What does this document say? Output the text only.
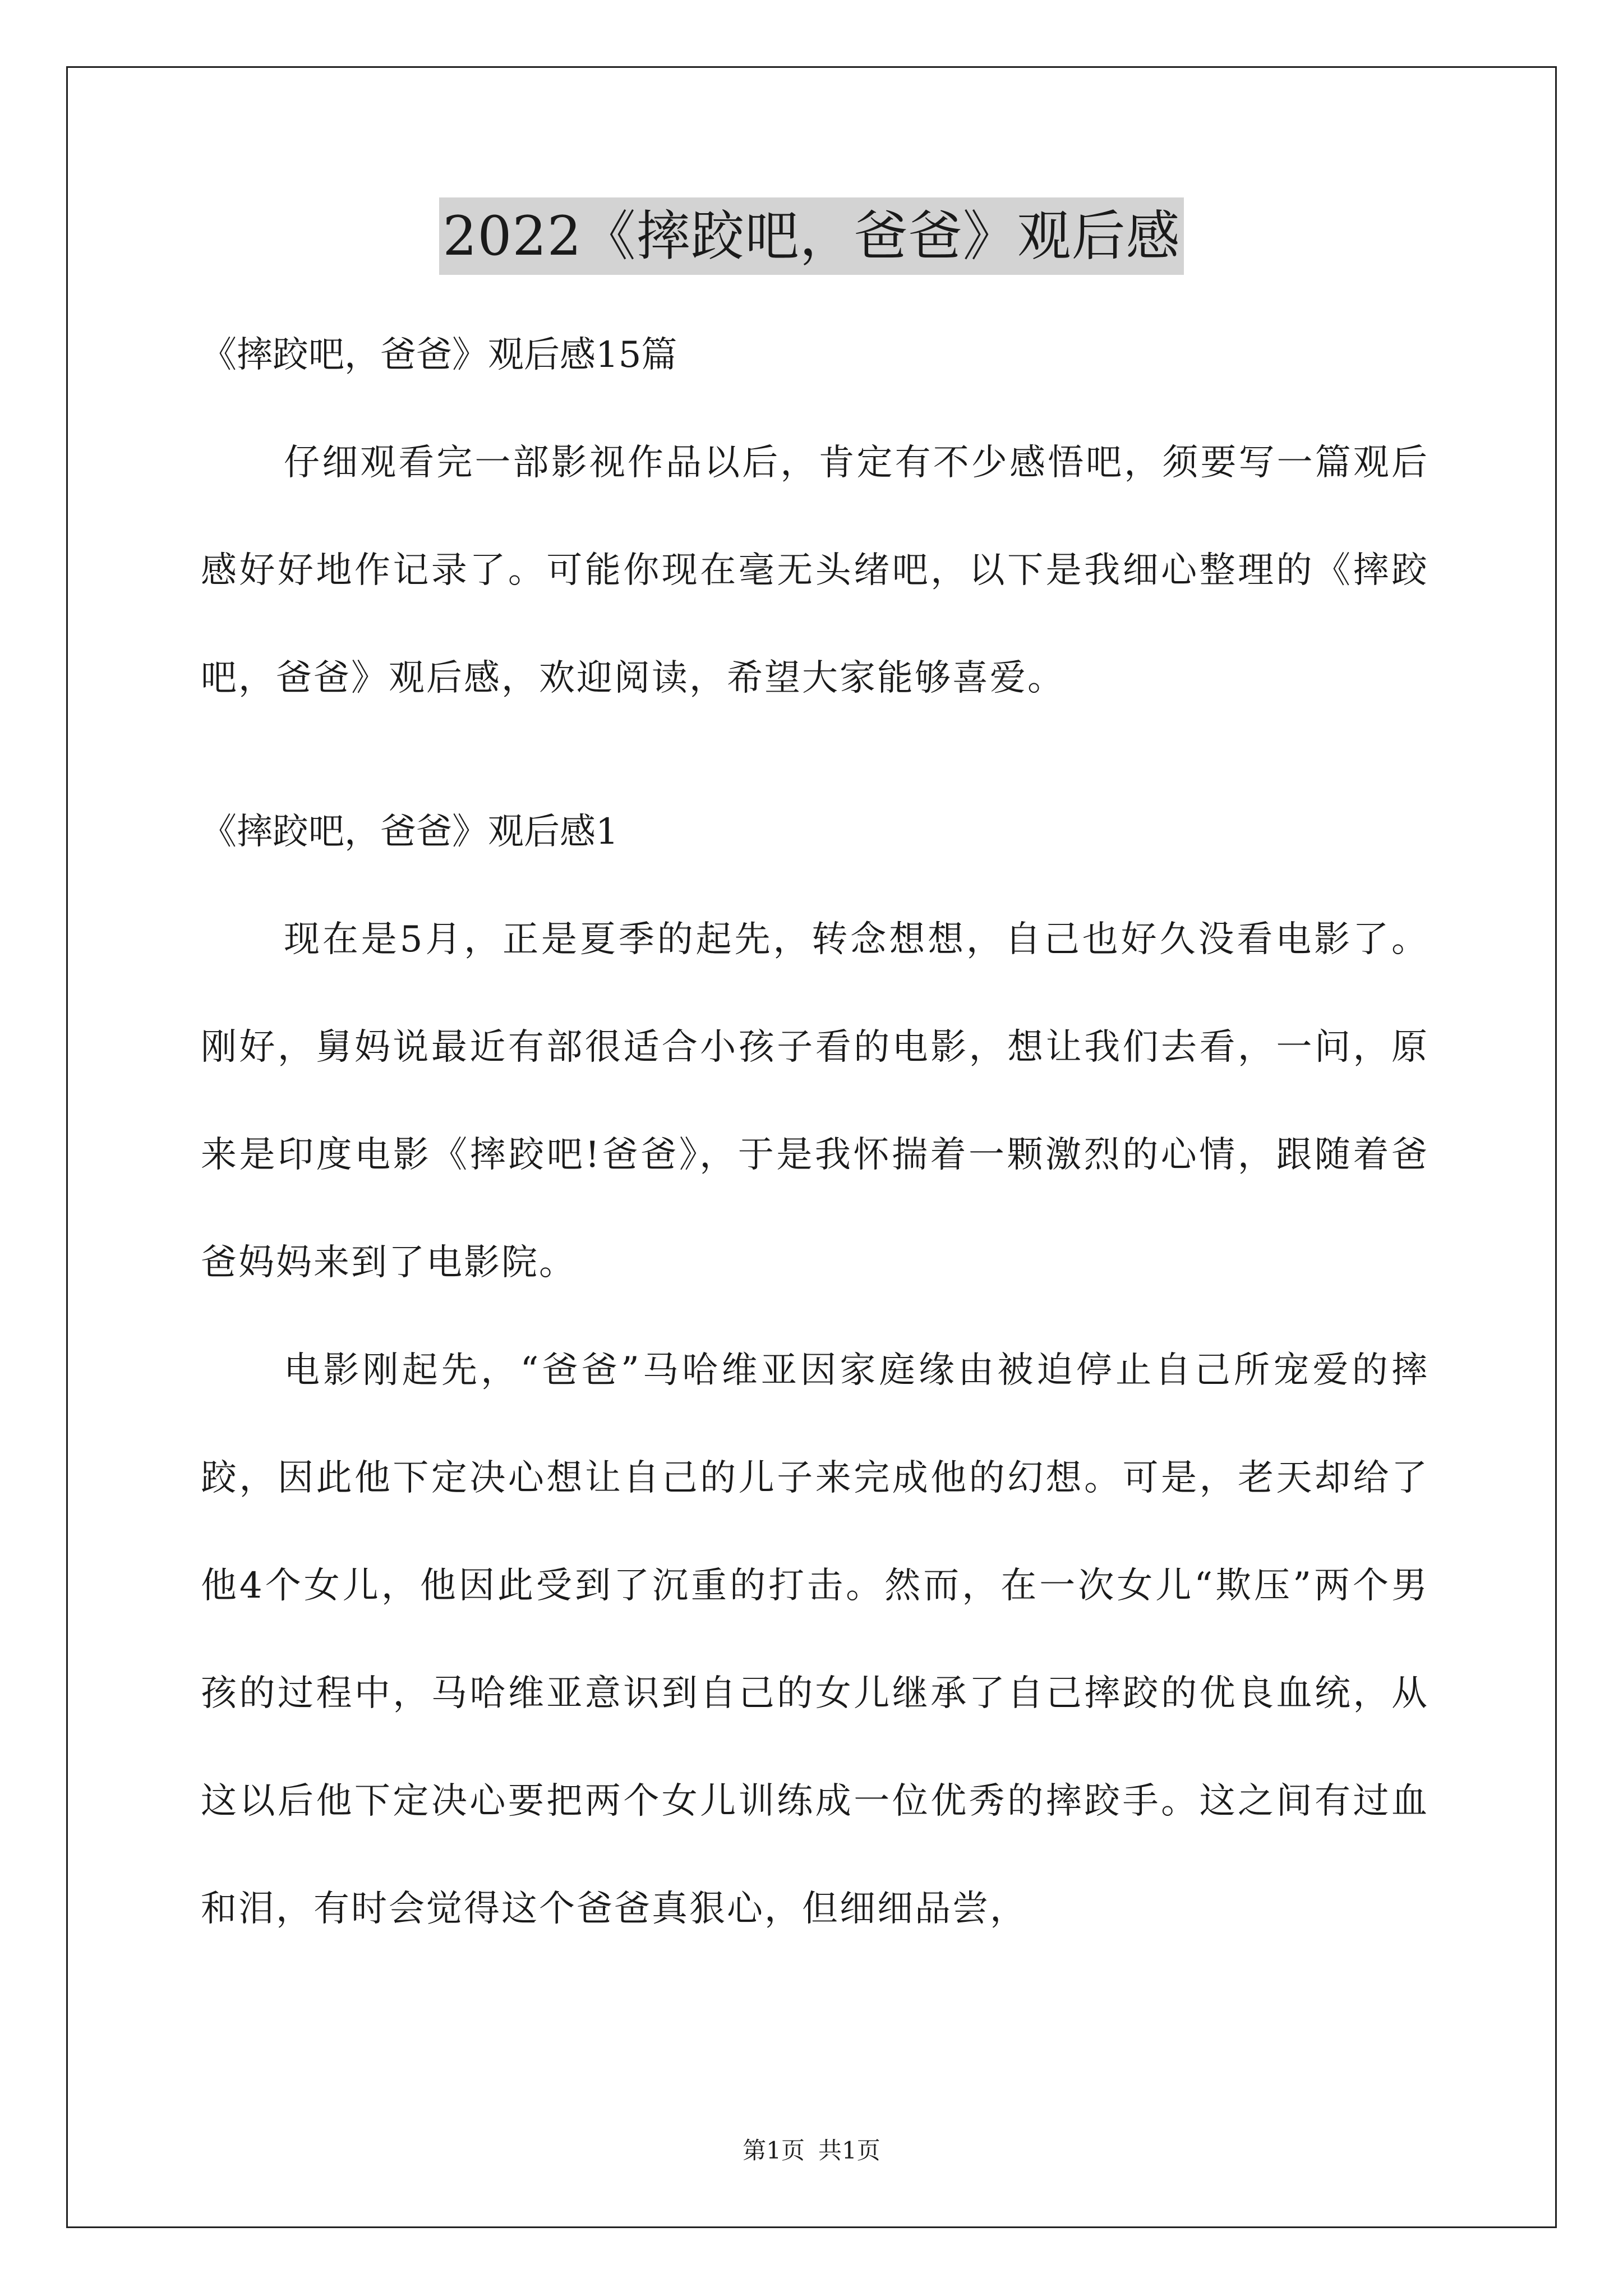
2022《摔跤吧，爸爸》观后感

《摔跤吧，爸爸》观后感15篇

仔细观看完一部影视作品以后，肯定有不少感悟吧，须要写一篇观后感好好地作记录了。可能你现在毫无头绪吧，以下是我细心整理的《摔跤吧，爸爸》观后感，欢迎阅读，希望大家能够喜爱。

《摔跤吧，爸爸》观后感1

现在是5月，正是夏季的起先，转念想想，自己也好久没看电影了。刚好，舅妈说最近有部很适合小孩子看的电影，想让我们去看，一问，原来是印度电影《摔跤吧!爸爸》，于是我怀揣着一颗激烈的心情，跟随着爸爸妈妈来到了电影院。

电影刚起先，“爸爸”马哈维亚因家庭缘由被迫停止自己所宠爱的摔跤，因此他下定决心想让自己的儿子来完成他的幻想。可是，老天却给了他4个女儿，他因此受到了沉重的打击。然而，在一次女儿“欺压”两个男孩的过程中，马哈维亚意识到自己的女儿继承了自己摔跤的优良血统，从这以后他下定决心要把两个女儿训练成一位优秀的摔跤手。这之间有过血和泪，有时会觉得这个爸爸真狠心，但细细品尝，

第1页 共1页
